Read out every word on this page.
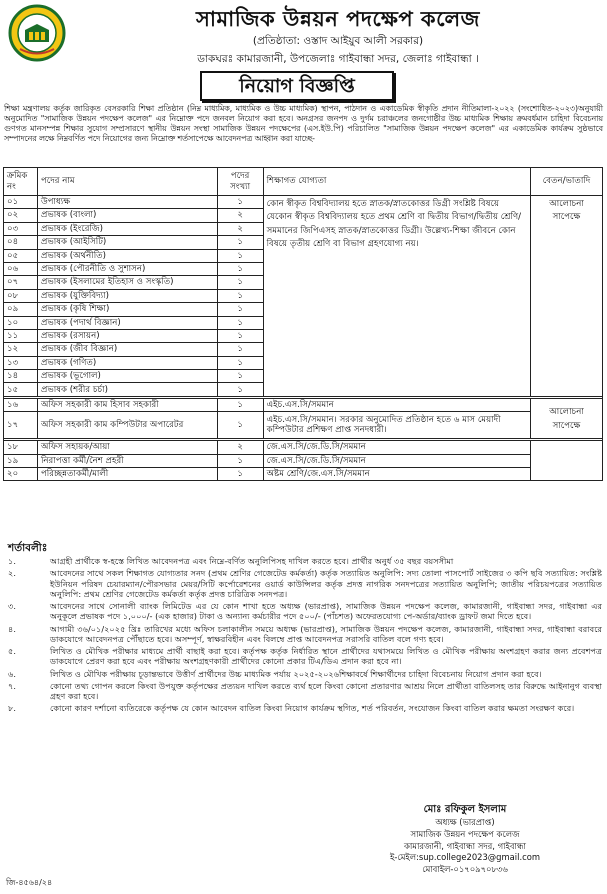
সামাজিক উন্নয়ন পদক্ষেপ কলেজ
(প্রতিষ্ঠাতা: ওস্তাদ আইয়ুব আলী সরকার)
ডাকঘরঃ কামারজানী, উপজেলাঃ গাইবান্ধা সদর, জেলাঃ গাইবান্ধা ।
নিয়োগ বিজ্ঞপ্তি
শিক্ষা মন্ত্রণালয় কর্তৃক জারিকৃত বেসরকারি শিক্ষা প্রতিষ্ঠান (নিম্ন মাধ্যমিক, মাধ্যমিক ও উচ্চ মাধ্যমিক) স্থাপন, পাঠদান ও একাডেমিক স্বীকৃতি প্রদান নীতিমালা-২০২২ (সংশোধিত-২০২৩)অনুযায়ী অনুমোদিত "সামাজিক উন্নয়ন পদক্ষেপ কলেজ" এর নিম্নোক্ত পদে জনবল নিয়োগ করা হবে। অনগ্রসর জনপদ ও দুর্গম চরাঞ্চলের জনগোষ্ঠীর উচ্চ মাধ্যমিক শিক্ষায় ক্রমবর্ধমান চাহিদা বিবেচনায় গুণগত মানসম্পন্ন শিক্ষার সুযোগ সম্প্রসারণে স্থানীয় উন্নয়ন সংস্থা সামাজিক উন্নয়ন পদক্ষেপের (এস.ইউ.পি) পরিচালিত "সামাজিক উন্নয়ন পদক্ষেপ কলেজ" এর একাডেমিক কার্যক্রম সুষ্ঠভাবে সম্পাদনের লক্ষে নিম্নবর্ণিত পদে নিয়োগের জন্য নিম্নোক্ত শর্তসাপেক্ষে আবেদনপত্র আহ্বান করা যাচ্ছে-
ক্রমিক নং	পদের নাম	পদের সংখ্যা	শিক্ষাগত যোগ্যতা	বেতন/ভাতাদি
০১	উপাধ্যক্ষ	১	কোন স্বীকৃত বিশ্ববিদ্যালয় হতে স্নাতক/স্নাতকোত্তর ডিগ্রী সংশ্লিষ্ট বিষয়ে যেকোন স্বীকৃত বিশ্ববিদ্যালয় হতে প্রথম শ্রেণি বা দ্বিতীয় বিভাগ/দ্বিতীয় শ্রেণি/ সমমানের জিপিএসহ স্নাতক/স্নাতকোত্তর ডিগ্রী। উল্লেখ্য-শিক্ষা জীবনে কোন বিষয়ে তৃতীয় শ্রেণি বা বিভাগ গ্রহণযোগ্য নয়।	আলোচনা সাপেক্ষে
০২	প্রভাষক (বাংলা)	২		
০৩	প্রভাষক (ইংরেজি)	২		
০৪	প্রভাষক (আইসিটি)	১		
০৫	প্রভাষক (অর্থনীতি)	১		
০৬	প্রভাষক (পৌরনীতি ও সুশাসন)	১		
০৭	প্রভাষক (ইসলামের ইতিহাস ও সংস্কৃতি)	১		
০৮	প্রভাষক (যুক্তিবিদ্যা)	১		
০৯	প্রভাষক (কৃষি শিক্ষা)	১		
১০	প্রভাষক (পদার্থ বিজ্ঞান)	১		
১১	প্রভাষক (রসায়ন)	১		
১২	প্রভাষক (জীব বিজ্ঞান)	১		
১৩	প্রভাষক (গণিত)	১		
১৪	প্রভাষক (ভূগোল)	১		
১৫	প্রভাষক (শরীর চর্চা)	১		

১৬	অফিস সহকারী কাম হিসাব সহকারী	১	এইচ.এস.সি/সমমান	আলোচনা সাপেক্ষে
১৭	অফিস সহকারী কাম কম্পিউটার অপারেটর	১	এইচ.এস.সি/সমমান। সরকার অনুমোদিত প্রতিষ্ঠান হতে ৬ মাস মেয়াদী কম্পিউটার প্রশিক্ষণ প্রাপ্ত সনদধারী।	

১৮	অফিস সহায়ক/আয়া	২	জে.এস.সি/জে.ডি.সি/সমমান	
১৯	নিরাপত্তা কর্মী/নৈশ প্রহরী	১	জে.এস.সি/জে.ডি.সি/সমমান	
২০	পরিচ্ছন্নতাকর্মী/মালী	১	অষ্টম শ্রেণি/জে.এস.সি/সমমান	
শর্তাবলীঃ
১.	আগ্রহী প্রার্থীকে স্ব-হস্তে লিখিত আবেদনপত্র এবং নিম্নে-বর্ণিত অনুলিপিসহ দাখিল করতে হবে। প্রার্থীর অনুর্ধ ৩৫ বছর বয়সসীমা
২.	আবেদনের সাথে সকল শিক্ষাগত যোগ্যতার সনদ (প্রথম শ্রেণির গেজেটেড কর্মকর্তা) কর্তৃক সত্যায়িত অনুলিপি: সদ্য তোলা পাসপোর্ট সাইজের ৩ কপি ছবি সত্যায়িত: সংশ্লিষ্ট ইউনিয়ন পরিষদ চেয়ারম্যান/পৌরসভার মেয়র/সিটি কর্পোরেশনের ওয়ার্ড কাউন্সিলর কর্তৃক প্রদত্ত নাগরিক সনদপত্রের সত্যায়িত অনুলিপি; জাতীয় পরিচয়পত্রের সত্যায়িত অনুলিপি: প্রথম শ্রেণির গেজেটেড কর্মকর্তা কর্তৃক প্রদত্ত চারিত্রিক সনদপত্র।
৩.	আবেদনের সাথে সোনালী ব্যাংক লিমিটেড এর যে কোন শাখা হতে অধ্যক্ষ (ভারপ্রাপ্ত), সামাজিক উন্নয়ন পদক্ষেপ কলেজ, কামারজানী, গাইবান্ধা সদর, গাইবান্ধা এর অনুকূলে প্রভাষক পদে ১,০০০/- (এক হাজার) টাকা ও অন্যান্য কর্মচারীর পদে ৫০০/- (পাঁচশত) অফেরতযোগ্য পে-অর্ডার/ব্যাংক ড্রাফট জমা দিতে হবে।
৪.	আগামী ৩৬/০১/২০২৫ খ্রিঃ তারিখের মধ্যে অফিস চলাকালীন সময়ে অধ্যক্ষ (ভারপ্রাপ্ত), সামাজিক উন্নয়ন পদক্ষেপ কলেজ, কামারজানী, গাইবান্ধা সদর, গাইবান্ধা বরাবরে ডাকযোগে আবেদনপত্র পৌঁছাতে হবে। অসম্পূর্ণ, স্বাক্ষরবিহীন এবং বিলম্বে প্রাপ্ত আবেদনপত্র সরাসরি বাতিল বলে গণ্য হবে।
৫.	লিখিত ও মৌখিক পরীক্ষার মাধ্যমে প্রার্থী বাছাই করা হবে। কর্তৃপক্ষ কর্তৃক নির্ধারিত স্থানে প্রার্থীদের যথাসময়ে লিখিত ও মৌখিক পরীক্ষায় অংশগ্রহণ করার জন্য প্রবেশপত্র ডাকযোগে প্রেরণ করা হবে এবং পরীক্ষায় অংশগ্রহণকারী প্রার্থীদের কোনো প্রকার টিএ/ডিএ প্রদান করা হবে না।
৬.	লিখিত ও মৌখিক পরীক্ষায় চূড়ান্তভাবে উত্তীর্ণ প্রার্থীদের উচ্চ মাধ্যমিক পর্যায় ২০২৫-২০২৬শিক্ষাবর্ষে শিক্ষার্থীদের চাহিদা বিবেচনায় নিয়োগ প্রদান করা হবে।
৭.	কোনো তথ্য গোপন করলে কিংবা উপযুক্ত কর্তৃপক্ষের প্রত্যয়ন দাখিল করতে ব্যর্থ হলে কিংবা কোনো প্রতারণার আশ্রয় নিলে প্রার্থীতা বাতিলসহ তার বিরুদ্ধে আইনানুগ ব্যবস্থা গ্রহণ করা হবে।
৮.	কোনো কারণ দর্শানো ব্যতিরেকে কর্তৃপক্ষ যে কোন আবেদন বাতিল কিংবা নিয়োগ কার্যক্রম স্থগিত, শর্ত পরিবর্তন, সংযোজন কিংবা বাতিল করার ক্ষমতা সংরক্ষণ করে।
মোঃ রফিকুল ইসলাম
অধ্যক্ষ (ভারপ্রাপ্ত)
সামাজিক উন্নয়ন পদক্ষেপ কলেজ
কামারজানী, গাইবান্ধা সদর, গাইবান্ধা
ই-মেইল:sup.college2023@gmail.com
মোবাইল-০১৭০৯৭০৮৩৬
জি-৪৫৬৪/২৪
